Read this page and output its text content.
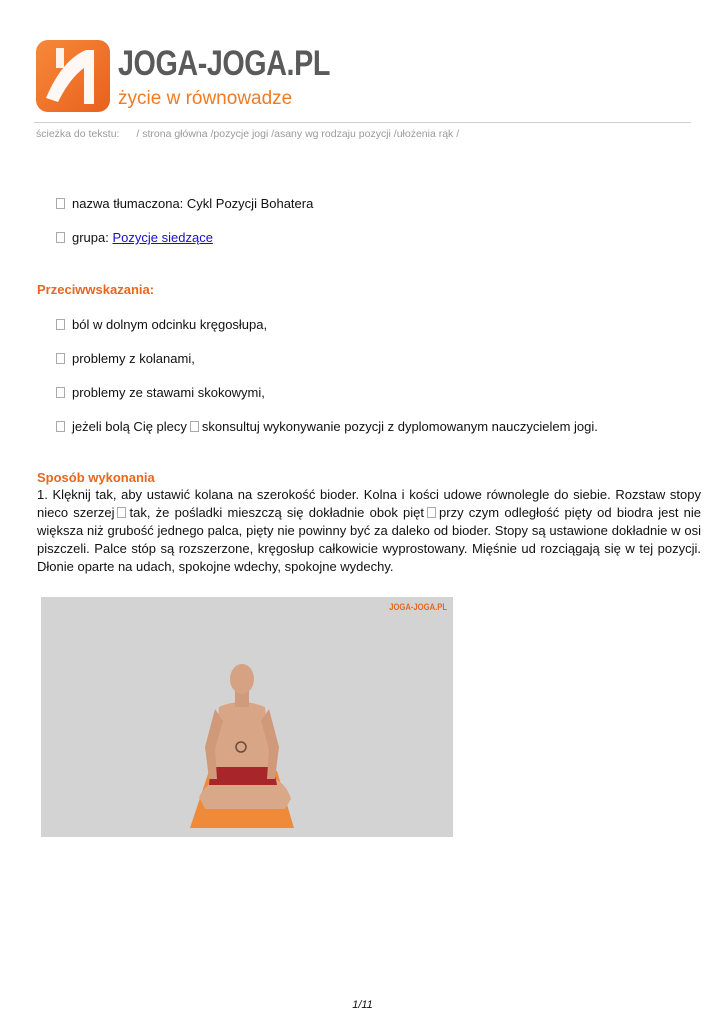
JOGA-JOGA.PL
życie w równowadze
ścieżka do tekstu: / strona główna /pozycje jogi /asany wg rodzaju pozycji /ułożenia rąk /
nazwa tłumaczona: Cykl Pozycji Bohatera
grupa: Pozycje siedzące
Przeciwwskazania:
ból w dolnym odcinku kręgosłupa,
problemy z kolanami,
problemy ze stawami skokowymi,
jeżeli bolą Cię plecy skonsultuj wykonywanie pozycji z dyplomowanym nauczycielem jogi.
Sposób wykonania
1. Klęknij tak, aby ustawić kolana na szerokość bioder. Kolna i kości udowe równolegle do siebie. Rozstaw stopy nieco szerzej tak, że pośladki mieszczą się dokładnie obok pięt przy czym odległość pięty od biodra jest nie większa niż grubość jednego palca, pięty nie powinny być za daleko od bioder. Stopy są ustawione dokładnie w osi piszczeli. Palce stóp są rozszerzone, kręgosłup całkowicie wyprostowany. Mięśnie ud rozciągają się w tej pozycji. Dłonie oparte na udach, spokojne wdechy, spokojne wydechy.
JOGA-JOGA.PL
1/11
